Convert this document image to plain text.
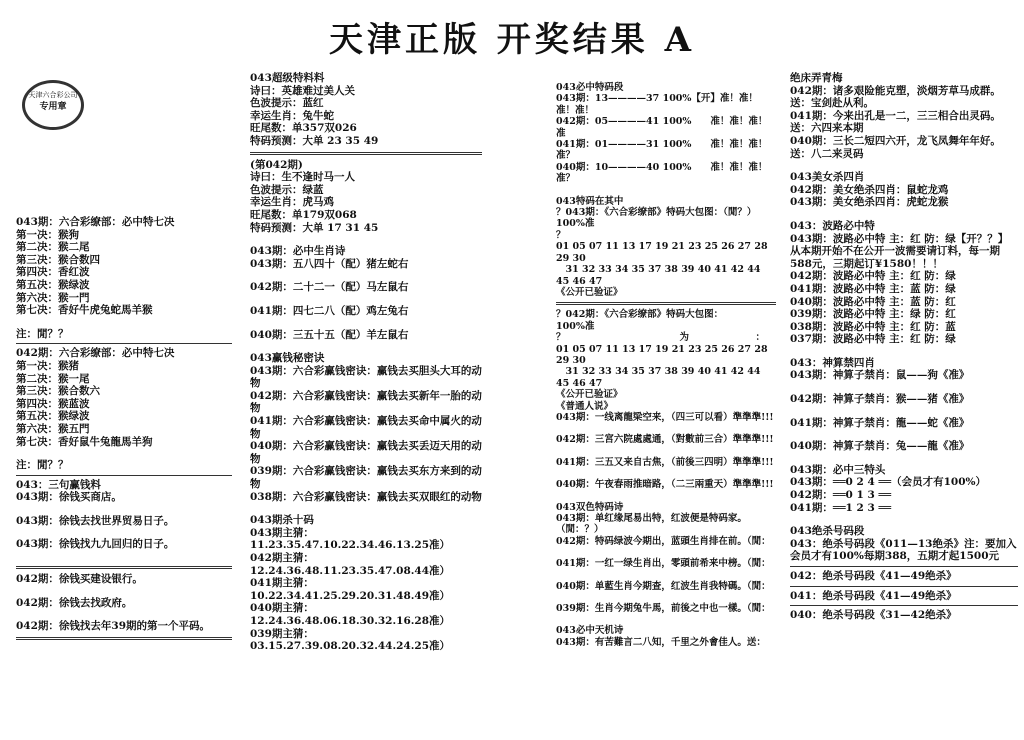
天津正版 开奖结果 A
天津六合彩公司
专用章
043期：六合彩缭部：必中特七决
第一决：猴狗
第二决：猴二尾
第三决：猴合数四
第四决：香红波
第五决：猴绿波
第六决：猴一門
第七决：香好牛虎兔蛇馬羊猴
注：閒？？
042期：六合彩缭部：必中特七决
第一决：猴猪
第二决：猴一尾
第三决：猴合数六
第四决：猴蓝波
第五决：猴绿波
第六决：猴五門
第七决：香好鼠牛兔龍馬羊狗
注：閒？？
043：三句赢钱料
043期：徐钱买商店。
043期：徐钱去找世界贸易日子。
043期：徐钱找九九回归的日子。
042期：徐钱买建设银行。
042期：徐钱去找政府。
042期：徐钱找去年39期的第一个平码。
043超级特料料
诗曰：英雄难过美人关
色波提示：蓝红
幸运生肖：兔牛蛇
旺尾数：单357双026
特码预测：大单 23 35 49
(第042期)
诗曰：生不逢时马一人
色波提示：绿蓝
幸运生肖：虎马鸡
旺尾数：单179双068
特码预测：大单 17 31 45
043期：必中生肖诗
043期：五八四十（配）猪左蛇右
042期：二十二一（配）马左鼠右
041期：四七二八（配）鸡左兔右
040期：三五十五（配）羊左鼠右
043赢钱秘密诀
043期：六合彩赢钱密诀：赢钱去买胆头大耳的动物
042期：六合彩赢钱密诀：赢钱去买新年一胎的动物
041期：六合彩赢钱密诀：赢钱去买命中属火的动物
040期：六合彩赢钱密诀：赢钱去买丢迈天用的动物
039期：六合彩赢钱密诀：赢钱去买东方来到的动物
038期：六合彩赢钱密诀：赢钱去买双眼红的动物
043期杀十码
043期主猜：11.23.35.47.10.22.34.46.13.25准）
042期主猜：12.24.36.48.11.23.35.47.08.44准）
041期主猜：10.22.34.41.25.29.20.31.48.49准）
040期主猜：12.24.36.48.06.18.30.32.16.28准）
039期主猜：03.15.27.39.08.20.32.44.24.25准）
043必中特码段
043期：13————37 100%【开】准！准！准！准！
042期：05————41 100%　　准！准！准！准
041期：01————31 100%　　准！准！准！准？
040期：10————40 100%　　准！准！准！准？
043特码在其中
？043期：《六合彩缭部》特码大包图：（閒？）100%准
？
01 05 07 11 13 17 19 21 23 25 26 27 28 29 30
　31 32 33 34 35 37 38 39 40 41 42 44 45 46 47
《公开已验证》
？042期：《六合彩缭部》特码大包图：
100%准
？　　　　　　　　　　　　为　　　　　　　：
01 05 07 11 13 17 19 21 23 25 26 27 28 29 30
　31 32 33 34 35 37 38 39 40 41 42 44 45 46 47
《公开已验证》
《普通人说》
043期：一线离龍梁空来，（四三可以看）準準準!!!
042期：三宮六院處處通，（對數前三合）準準準!!!
041期：三五又来自古焦，（前後三四明）準準準!!!
040期：午夜春雨推暗路，（二三兩重天）準準準!!!
043双色特码诗
043期：单红缘尾易出特，红波便是特码家。（閒：？）
042期：特码绿波今期出，蓝頭生肖排在前。（閒：
041期：一红一绿生肖出，零頭前希来中榜。（閒：
040期：单藍生肖今期查，红波生肖我特碼。（閒：
039期：生肖今期兔牛馬，前後之中也一樣。（閒：
043必中天机诗
043期：有苦難言二八知，千里之外會佳人。送：
绝床弄青梅
042期：诸多艰险能克塑，淡烟芳草马成群。送：宝剑赴从利。
041期：今来出孔是一二，三三相合出灵码。送：六四来本期
040期：三长二短四六开，龙飞凤舞年年好。送：八二来灵码
043美女杀四肖
042期：美女绝杀四肖：鼠蛇龙鸡
043期：美女绝杀四肖：虎蛇龙猴
043：波路必中特
043期：波路必中特 主：红 防：绿【开？？】从本期开始不在公开一波需要请订料，每一期588元，三期起订¥1580！！！
042期：波路必中特 主：红 防：绿
041期：波路必中特 主：蓝 防：绿
040期：波路必中特 主：蓝 防：红
039期：波路必中特 主：绿 防：红
038期：波路必中特 主：红 防：蓝
037期：波路必中特 主：红 防：绿
043：神算禁四肖
043期：神算子禁肖：鼠——狗《准》
042期：神算子禁肖：猴——猪《准》
041期：神算子禁肖：龍——蛇《准》
040期：神算子禁肖：兔——龍《准》
043期：必中三特头
043期：══0 2 4 ══（会员才有100%）
042期：══0 1 3 ══
041期：══1 2 3 ══
043绝杀号码段
043：绝杀号码段《011—13绝杀》注：要加入会员才有100%每期388，五期才起1500元
042：绝杀号码段《41—49绝杀》
041：绝杀号码段《41—49绝杀》
040：绝杀号码段《31—42绝杀》
